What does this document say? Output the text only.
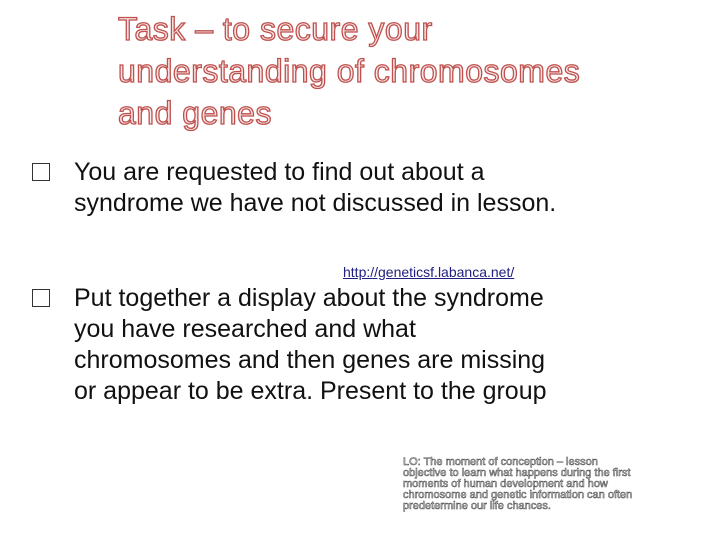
Task – to secure your
understanding of chromosomes
and genes
You are requested to find out about a
syndrome we have not discussed in lesson.
http://geneticsf.labanca.net/
Put together a display about the syndrome
you have researched and what
chromosomes and then genes are missing
or appear to be extra. Present to the group
LO: The moment of conception – lesson
objective to learn what happens during the first
moments of human development and how
chromosome and genetic information can often
predetermine our life chances.
